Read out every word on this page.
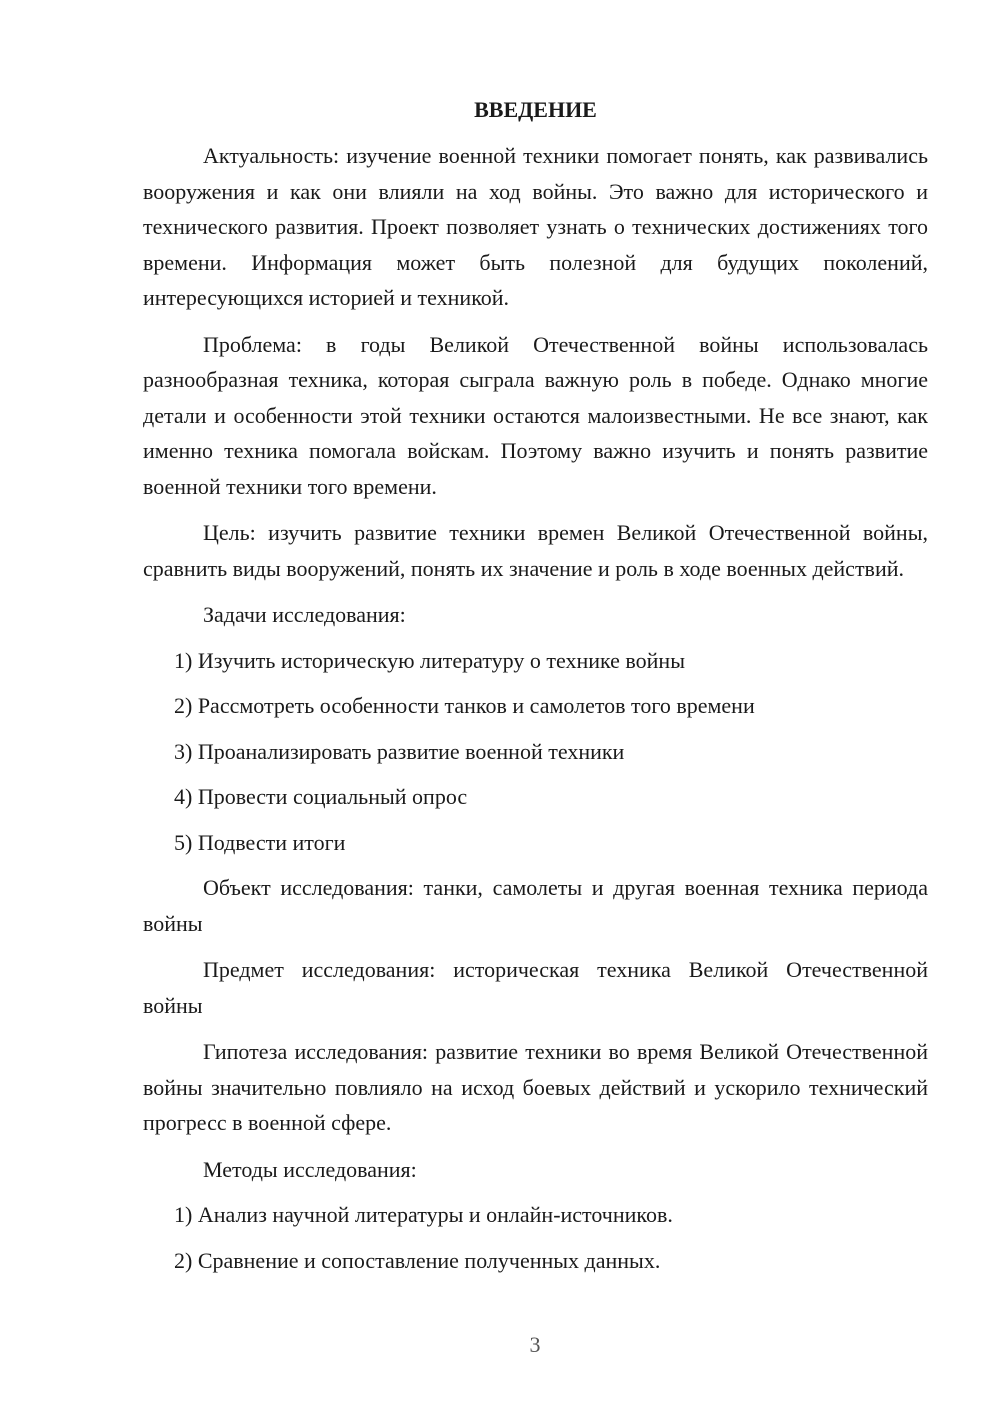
ВВЕДЕНИЕ

Актуальность: изучение военной техники помогает понять, как развивались вооружения и как они влияли на ход войны. Это важно для исторического и технического развития. Проект позволяет узнать о технических достижениях того времени. Информация может быть полезной для будущих поколений, интересующихся историей и техникой.

Проблема: в годы Великой Отечественной войны использовалась разнообразная техника, которая сыграла важную роль в победе. Однако многие детали и особенности этой техники остаются малоизвестными. Не все знают, как именно техника помогала войскам. Поэтому важно изучить и понять развитие военной техники того времени.

Цель: изучить развитие техники времен Великой Отечественной войны, сравнить виды вооружений, понять их значение и роль в ходе военных действий.

Задачи исследования:

1) Изучить историческую литературу о технике войны

2) Рассмотреть особенности танков и самолетов того времени

3) Проанализировать развитие военной техники

4) Провести социальный опрос

5) Подвести итоги

Объект исследования: танки, самолеты и другая военная техника периода войны

Предмет исследования: историческая техника Великой Отечественной войны

Гипотеза исследования: развитие техники во время Великой Отечественной войны значительно повлияло на исход боевых действий и ускорило технический прогресс в военной сфере.

Методы исследования:

1) Анализ научной литературы и онлайн-источников.

2) Сравнение и сопоставление полученных данных.

3
